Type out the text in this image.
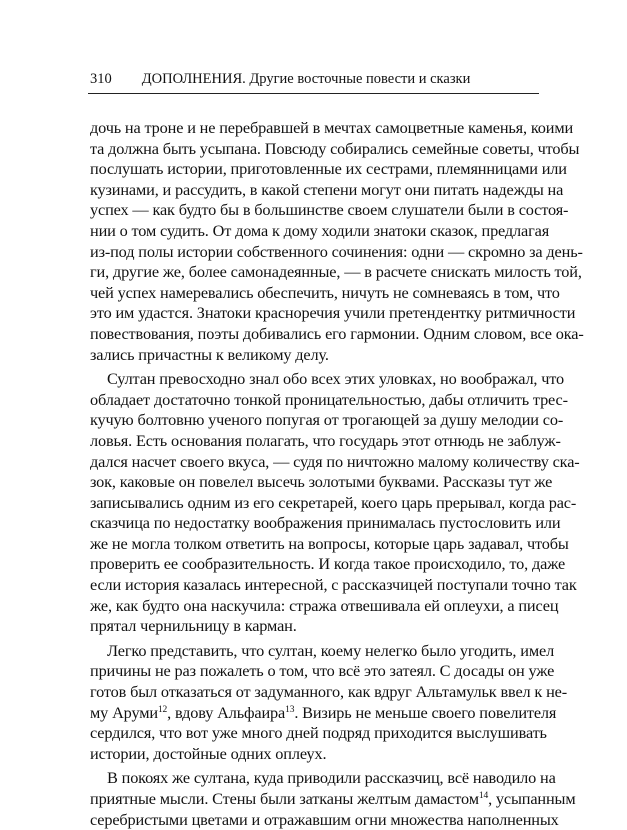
310 ДОПОЛНЕНИЯ. Другие восточные повести и сказки
дочь на троне и не перебравшей в мечтах самоцветные каменья, коими
та должна быть усыпана. Повсюду собирались семейные советы, чтобы
послушать истории, приготовленные их сестрами, племянницами или
кузинами, и рассудить, в какой степени могут они питать надежды на
успех — как будто бы в большинстве своем слушатели были в состоя-
нии о том судить. От дома к дому ходили знатоки сказок, предлагая
из-под полы истории собственного сочинения: одни — скромно за день-
ги, другие же, более самонадеянные, — в расчете снискать милость той,
чей успех намеревались обеспечить, ничуть не сомневаясь в том, что
это им удастся. Знатоки красноречия учили претендентку ритмичности
повествования, поэты добивались его гармонии. Одним словом, все ока-
зались причастны к великому делу.
Султан превосходно знал обо всех этих уловках, но воображал, что
обладает достаточно тонкой проницательностью, дабы отличить трес-
кучую болтовню ученого попугая от трогающей за душу мелодии со-
ловья. Есть основания полагать, что государь этот отнюдь не заблуж-
дался насчет своего вкуса, — судя по ничтожно малому количеству ска-
зок, каковые он повелел высечь золотыми буквами. Рассказы тут же
записывались одним из его секретарей, коего царь прерывал, когда рас-
сказчица по недостатку воображения принималась пустословить или
же не могла толком ответить на вопросы, которые царь задавал, чтобы
проверить ее сообразительность. И когда такое происходило, то, даже
если история казалась интересной, с рассказчицей поступали точно так
же, как будто она наскучила: стража отвешивала ей оплеухи, а писец
прятал чернильницу в карман.
Легко представить, что султан, коему нелегко было угодить, имел
причины не раз пожалеть о том, что всё это затеял. С досады он уже
готов был отказаться от задуманного, как вдруг Альтамульк ввел к не-
му Аруми$^{12}$, вдову Альфаира$^{13}$. Визирь не меньше своего повелителя
сердился, что вот уже много дней подряд приходится выслушивать
истории, достойные одних оплеух.
В покоях же султана, куда приводили рассказчиц, всё наводило на
приятные мысли. Стены были затканы желтым дамастом$^{14}$, усыпанным
серебристыми цветами и отражавшим огни множества наполненных
